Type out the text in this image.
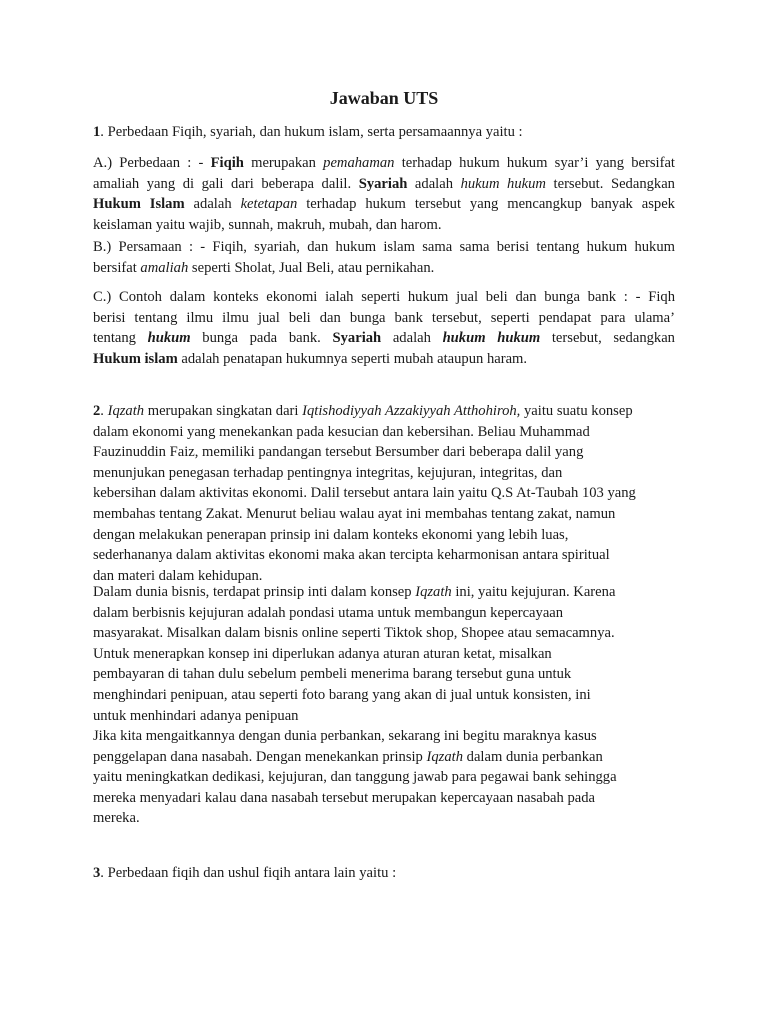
Jawaban UTS

1. Perbedaan Fiqih, syariah, dan hukum islam, serta persamaannya yaitu :

A.) Perbedaan : - Fiqih merupakan pemahaman terhadap hukum hukum syar’i yang bersifat
amaliah yang di gali dari beberapa dalil. Syariah adalah hukum hukum tersebut. Sedangkan
Hukum Islam adalah ketetapan terhadap hukum tersebut yang mencangkup banyak aspek
keislaman yaitu wajib, sunnah, makruh, mubah, dan harom.

B.) Persamaan : - Fiqih, syariah, dan hukum islam sama sama berisi tentang hukum hukum
bersifat amaliah seperti Sholat, Jual Beli, atau pernikahan.

C.) Contoh dalam konteks ekonomi ialah seperti hukum jual beli dan bunga bank : - Fiqh
berisi tentang ilmu ilmu jual beli dan bunga bank tersebut, seperti pendapat para ulama’
tentang hukum bunga pada bank. Syariah adalah hukum hukum tersebut, sedangkan
Hukum islam adalah penatapan hukumnya seperti mubah ataupun haram.

2. Iqzath merupakan singkatan dari Iqtishodiyyah Azzakiyyah Atthohiroh, yaitu suatu konsep
dalam ekonomi yang menekankan pada kesucian dan kebersihan. Beliau Muhammad
Fauzinuddin Faiz, memiliki pandangan tersebut Bersumber dari beberapa dalil yang
menunjukan penegasan terhadap pentingnya integritas, kejujuran, integritas, dan
kebersihan dalam aktivitas ekonomi. Dalil tersebut antara lain yaitu Q.S At-Taubah 103 yang
membahas tentang Zakat. Menurut beliau walau ayat ini membahas tentang zakat, namun
dengan melakukan penerapan prinsip ini dalam konteks ekonomi yang lebih luas,
sederhananya dalam aktivitas ekonomi maka akan tercipta keharmonisan antara spiritual
dan materi dalam kehidupan.

Dalam dunia bisnis, terdapat prinsip inti dalam konsep Iqzath ini, yaitu kejujuran. Karena
dalam berbisnis kejujuran adalah pondasi utama untuk membangun kepercayaan
masyarakat. Misalkan dalam bisnis online seperti Tiktok shop, Shopee atau semacamnya.
Untuk menerapkan konsep ini diperlukan adanya aturan aturan ketat, misalkan
pembayaran di tahan dulu sebelum pembeli menerima barang tersebut guna untuk
menghindari penipuan, atau seperti foto barang yang akan di jual untuk konsisten, ini
untuk menhindari adanya penipuan

Jika kita mengaitkannya dengan dunia perbankan, sekarang ini begitu maraknya kasus
penggelapan dana nasabah. Dengan menekankan prinsip Iqzath dalam dunia perbankan
yaitu meningkatkan dedikasi, kejujuran, dan tanggung jawab para pegawai bank sehingga
mereka menyadari kalau dana nasabah tersebut merupakan kepercayaan nasabah pada
mereka.

3. Perbedaan fiqih dan ushul fiqih antara lain yaitu :
